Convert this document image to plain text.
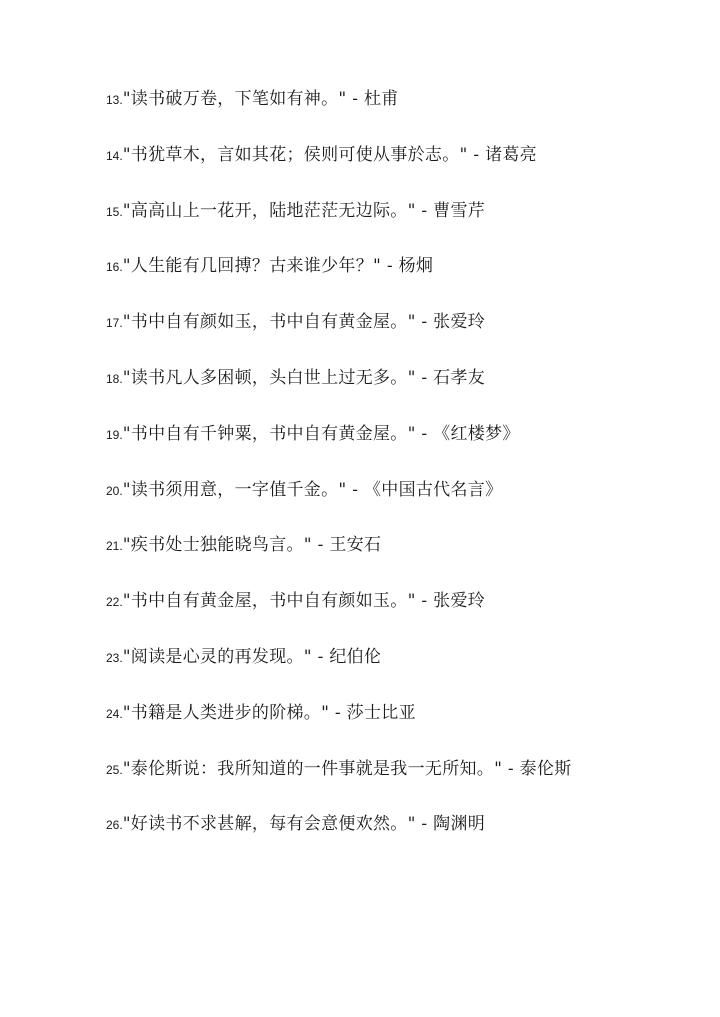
13."读书破万卷，下笔如有神。" - 杜甫
14."书犹草木，言如其花；侯则可使从事於志。" - 诸葛亮
15."高高山上一花开，陆地茫茫无边际。" - 曹雪芹
16."人生能有几回搏？古来谁少年？" - 杨炯
17."书中自有颜如玉，书中自有黄金屋。" - 张爱玲
18."读书凡人多困顿，头白世上过无多。" - 石孝友
19."书中自有千钟粟，书中自有黄金屋。" - 《红楼梦》
20."读书须用意，一字值千金。" - 《中国古代名言》
21."疾书处士独能晓鸟言。" - 王安石
22."书中自有黄金屋，书中自有颜如玉。" - 张爱玲
23."阅读是心灵的再发现。" - 纪伯伦
24."书籍是人类进步的阶梯。" - 莎士比亚
25."泰伦斯说：我所知道的一件事就是我一无所知。" - 泰伦斯
26."好读书不求甚解，每有会意便欢然。" - 陶渊明
